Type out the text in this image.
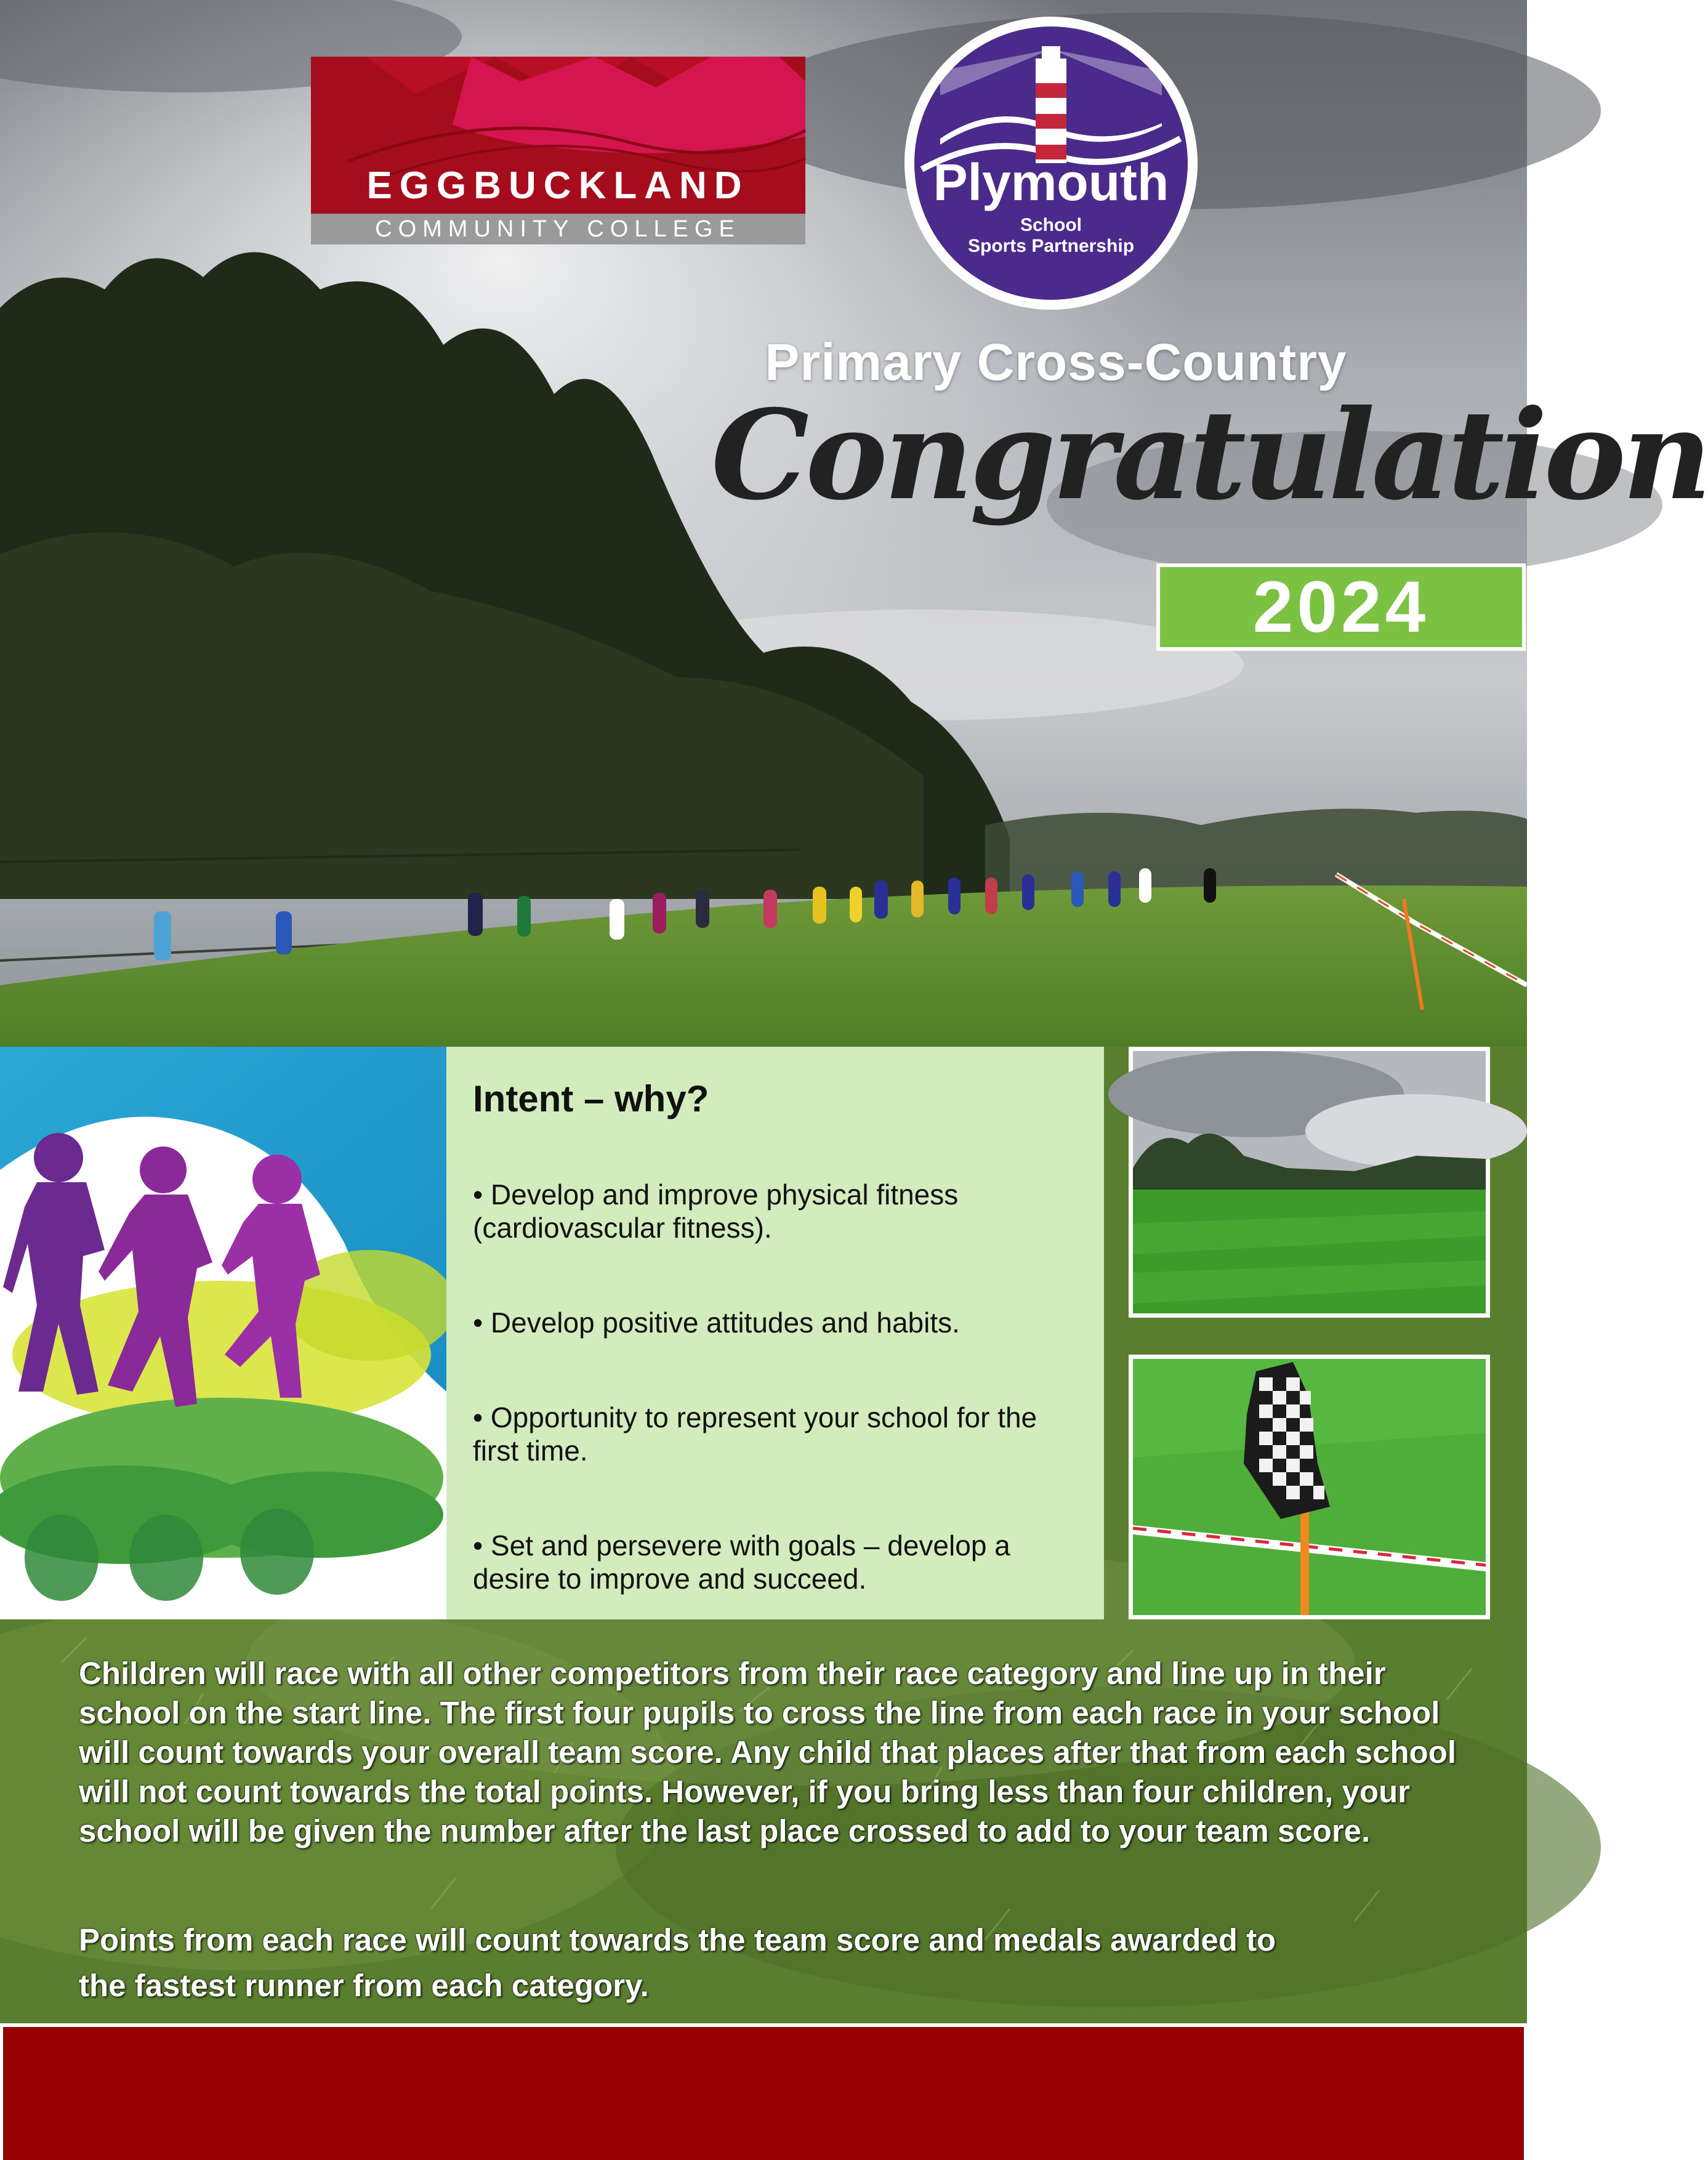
EGGBUCKLAND
COMMUNITY COLLEGE
Plymouth
School
Sports Partnership
Primary Cross-Country
Congratulation
2024

Intent – why?

• Develop and improve physical fitness (cardiovascular fitness).

• Develop positive attitudes and habits.

• Opportunity to represent your school for the first time.

• Set and persevere with goals – develop a desire to improve and succeed.

Children will race with all other competitors from their race category and line up in their school on the start line. The first four pupils to cross the line from each race in your school will count towards your overall team score. Any child that places after that from each school will not count towards the total points. However, if you bring less than four children, your school will be given the number after the last place crossed to add to your team score.
Points from each race will count towards the team score and medals awarded to the fastest runner from each category.
